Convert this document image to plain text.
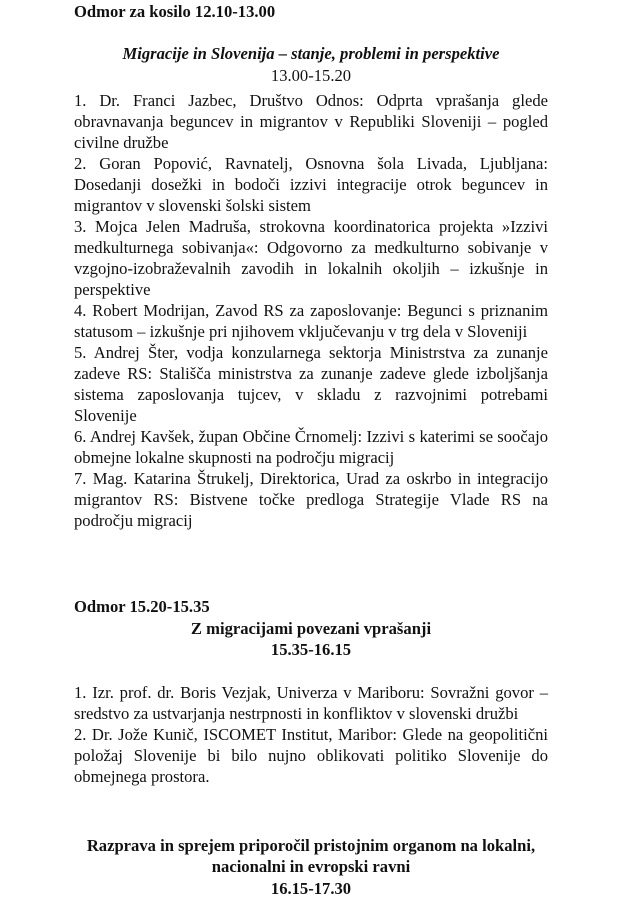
Odmor za kosilo 12.10-13.00

Migracije in Slovenija – stanje, problemi in perspektive

13.00-15.20

1. Dr. Franci Jazbec, Društvo Odnos: Odprta vprašanja glede obravnavanja beguncev in migrantov v Republiki Sloveniji – pogled civilne družbe

2. Goran Popović, Ravnatelj, Osnovna šola Livada, Ljubljana: Dosedanji dosežki in bodoči izzivi integracije otrok beguncev in migrantov v slovenski šolski sistem

3. Mojca Jelen Madruša, strokovna koordinatorica projekta »Izzivi medkulturnega sobivanja«: Odgovorno za medkulturno sobivanje v vzgojno-izobraževalnih zavodih in lokalnih okoljih – izkušnje in perspektive

4. Robert Modrijan, Zavod RS za zaposlovanje: Begunci s priznanim statusom – izkušnje pri njihovem vključevanju v trg dela v Sloveniji

5. Andrej Šter, vodja konzularnega sektorja Ministrstva za zunanje zadeve RS: Stališča ministrstva za zunanje zadeve glede izboljšanja sistema zaposlovanja tujcev, v skladu z razvojnimi potrebami Slovenije

6. Andrej Kavšek, župan Občine Črnomelj: Izzivi s katerimi se soočajo obmejne lokalne skupnosti na področju migracij

7. Mag. Katarina Štrukelj, Direktorica, Urad za oskrbo in integracijo migrantov RS: Bistvene točke predloga Strategije Vlade RS na področju migracij

Odmor 15.20-15.35

Z migracijami povezani vprašanji

15.35-16.15

1. Izr. prof. dr. Boris Vezjak, Univerza v Mariboru: Sovražni govor – sredstvo za ustvarjanja nestrpnosti in konfliktov v slovenski družbi

2. Dr. Jože Kunič, ISCOMET Institut, Maribor: Glede na geopolitični položaj Slovenije bi bilo nujno oblikovati politiko Slovenije do obmejnega prostora.

Razprava in sprejem priporočil pristojnim organom na lokalni, nacionalni in evropski ravni

16.15-17.30
